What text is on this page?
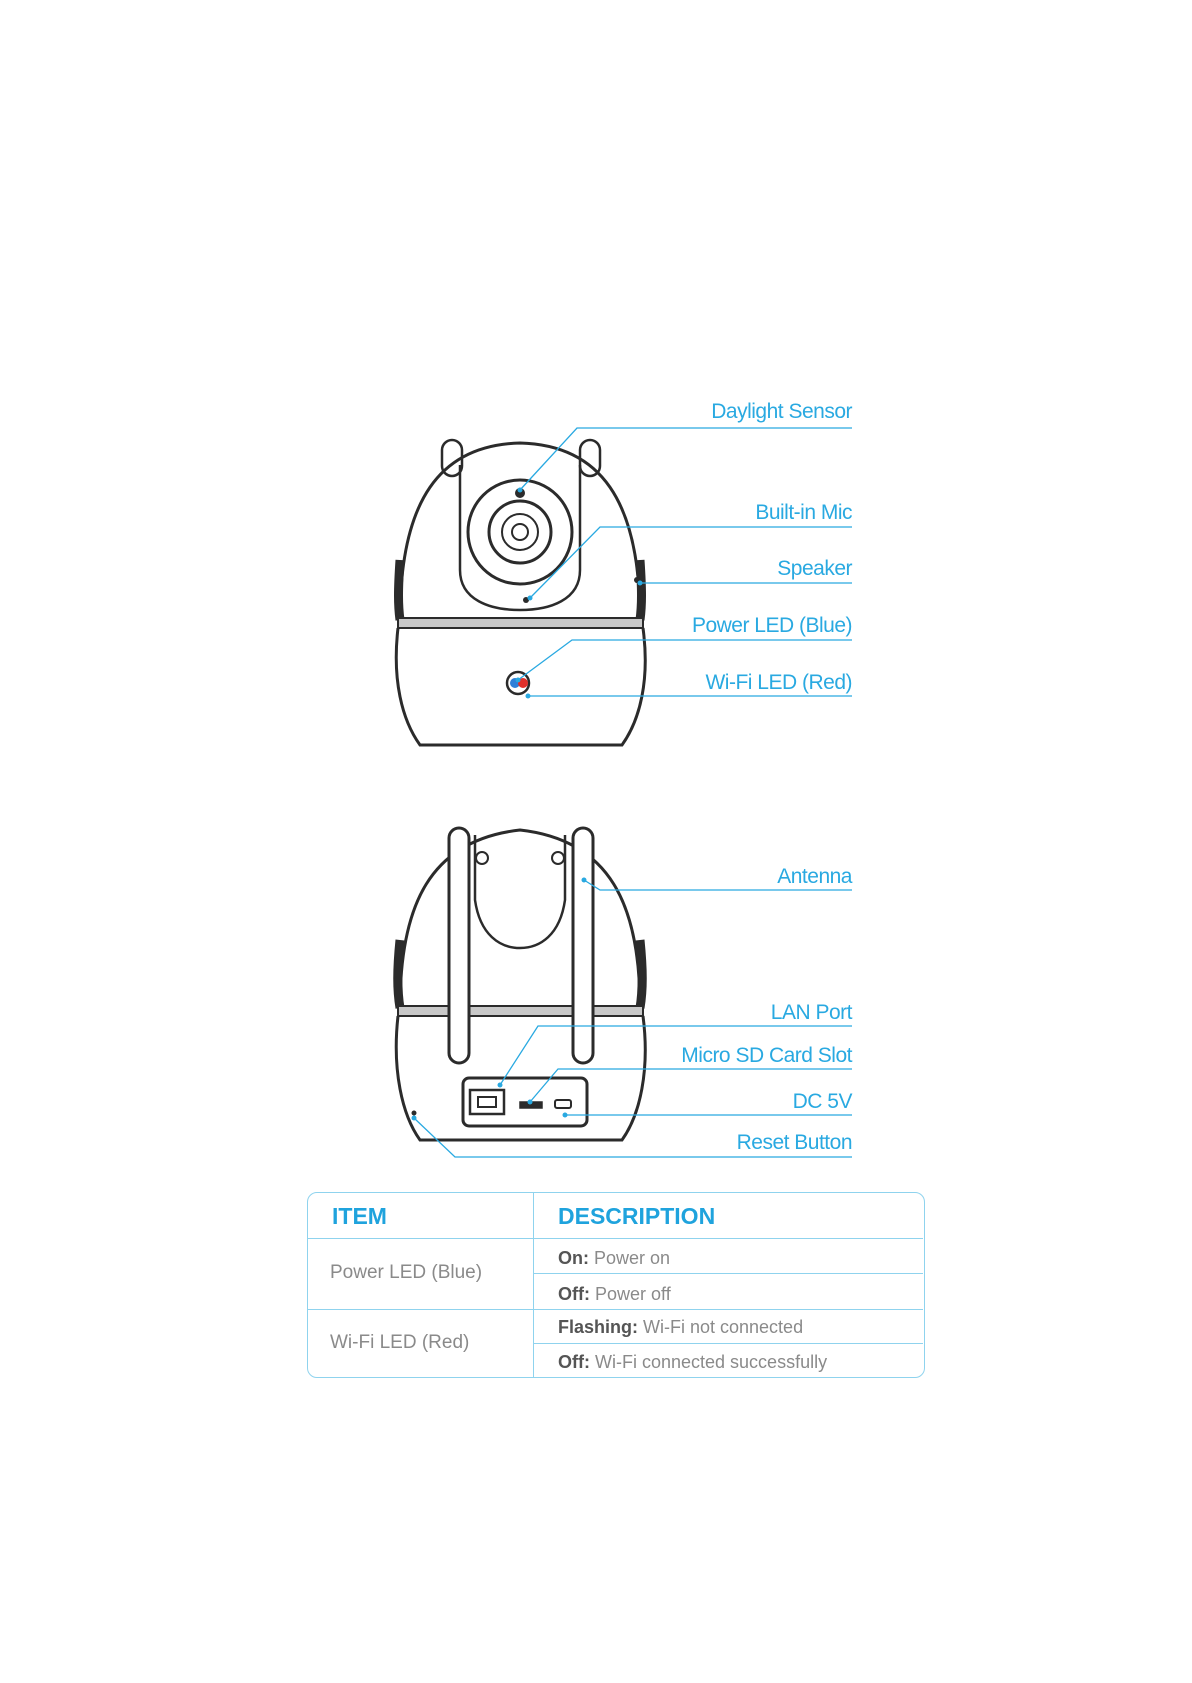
Daylight Sensor
Built-in Mic
Speaker
Power LED (Blue)
Wi-Fi LED (Red)
Antenna
LAN Port
Micro SD Card Slot
DC 5V
Reset Button
ITEM	DESCRIPTION
Power LED (Blue)
On: Power on
Off: Power off
Wi-Fi LED (Red)
Flashing: Wi-Fi not connected
Off: Wi-Fi connected successfully
